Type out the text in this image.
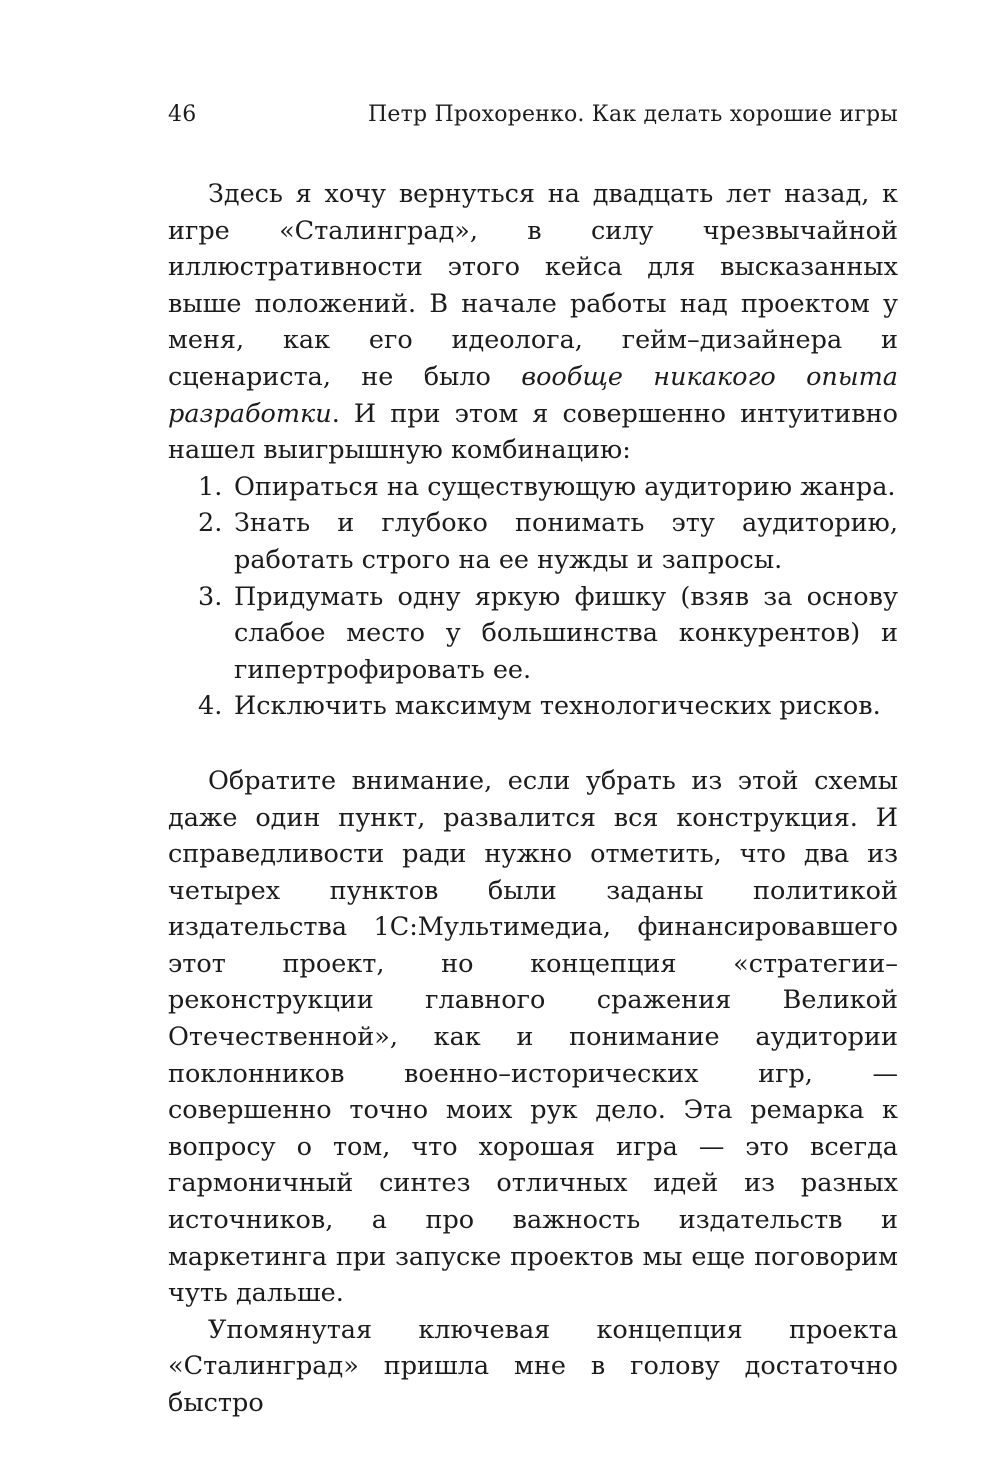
46	Петр Прохоренко. Как делать хорошие игры

Здесь я хочу вернуться на двадцать лет назад, к игре «Сталинград», в силу чрезвычайной иллюстративности этого кейса для высказанных выше положений. В начале работы над проектом у меня, как его идеолога, гейм–дизайнера и сценариста, не было вообще никакого опыта разработки. И при этом я совершенно интуитивно нашел выигрышную комбинацию:

1. Опираться на существующую аудиторию жанра.
2. Знать и глубоко понимать эту аудиторию, работать строго на ее нужды и запросы.
3. Придумать одну яркую фишку (взяв за основу слабое место у большинства конкурентов) и гипертрофировать ее.
4. Исключить максимум технологических рисков.

Обратите внимание, если убрать из этой схемы даже один пункт, развалится вся конструкция. И справедливости ради нужно отметить, что два из четырех пунктов были заданы политикой издательства 1С:Мультимедиа, финансировавшего этот проект, но концепция «стратегии–реконструкции главного сражения Великой Отечественной», как и понимание аудитории поклонников военно–исторических игр, — совершенно точно моих рук дело. Эта ремарка к вопросу о том, что хорошая игра — это всегда гармоничный синтез отличных идей из разных источников, а про важность издательств и маркетинга при запуске проектов мы еще поговорим чуть дальше.

Упомянутая ключевая концепция проекта «Сталинград» пришла мне в голову достаточно быстро
